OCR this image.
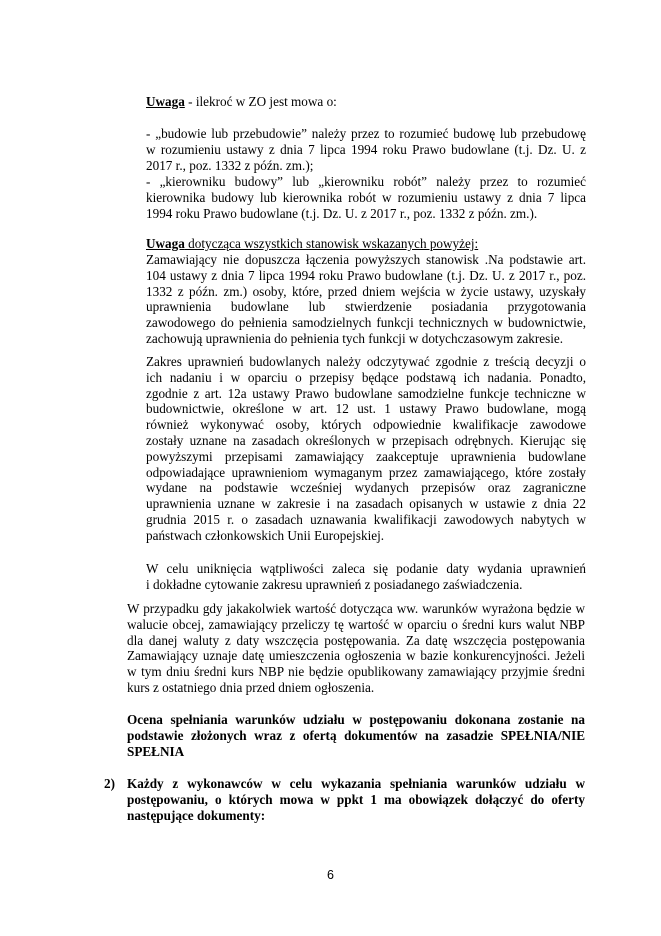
Uwaga - ilekroć w ZO jest mowa o:

- „budowie lub przebudowie” należy przez to rozumieć budowę lub przebudowę
w rozumieniu ustawy z dnia 7 lipca 1994 roku Prawo budowlane (t.j. Dz. U. z
2017 r., poz. 1332 z późn. zm.);
- „kierowniku budowy” lub „kierowniku robót” należy przez to rozumieć
kierownika budowy lub kierownika robót w rozumieniu ustawy z dnia 7 lipca
1994 roku Prawo budowlane (t.j. Dz. U. z 2017 r., poz. 1332 z późn. zm.).

Uwaga dotycząca wszystkich stanowisk wskazanych powyżej:

Zamawiający nie dopuszcza łączenia powyższych stanowisk .Na podstawie art.
104 ustawy z dnia 7 lipca 1994 roku Prawo budowlane (t.j. Dz. U. z 2017 r., poz.
1332 z późn. zm.) osoby, które, przed dniem wejścia w życie ustawy, uzyskały
uprawnienia budowlane lub stwierdzenie posiadania przygotowania
zawodowego do pełnienia samodzielnych funkcji technicznych w budownictwie,
zachowują uprawnienia do pełnienia tych funkcji w dotychczasowym zakresie.
Zakres uprawnień budowlanych należy odczytywać zgodnie z treścią decyzji o
ich nadaniu i w oparciu o przepisy będące podstawą ich nadania. Ponadto,
zgodnie z art. 12a ustawy Prawo budowlane samodzielne funkcje techniczne w
budownictwie, określone w art. 12 ust. 1 ustawy Prawo budowlane, mogą
również wykonywać osoby, których odpowiednie kwalifikacje zawodowe
zostały uznane na zasadach określonych w przepisach odrębnych. Kierując się
powyższymi przepisami zamawiający zaakceptuje uprawnienia budowlane
odpowiadające uprawnieniom wymaganym przez zamawiającego, które zostały
wydane na podstawie wcześniej wydanych przepisów oraz zagraniczne
uprawnienia uznane w zakresie i na zasadach opisanych w ustawie z dnia 22
grudnia 2015 r. o zasadach uznawania kwalifikacji zawodowych nabytych w
państwach członkowskich Unii Europejskiej.
W celu uniknięcia wątpliwości zaleca się podanie daty wydania uprawnień
i dokładne cytowanie zakresu uprawnień z posiadanego zaświadczenia.
W przypadku gdy jakakolwiek wartość dotycząca ww. warunków wyrażona będzie w
walucie obcej, zamawiający przeliczy tę wartość w oparciu o średni kurs walut NBP
dla danej waluty z daty wszczęcia postępowania. Za datę wszczęcia postępowania
Zamawiający uznaje datę umieszczenia ogłoszenia w bazie konkurencyjności. Jeżeli
w tym dniu średni kurs NBP nie będzie opublikowany zamawiający przyjmie średni
kurs z ostatniego dnia przed dniem ogłoszenia.
Ocena spełniania warunków udziału w postępowaniu dokonana zostanie na
podstawie złożonych wraz z ofertą dokumentów na zasadzie SPEŁNIA/NIE
SPEŁNIA
2) Każdy z wykonawców w celu wykazania spełniania warunków udziału w
postępowaniu, o których mowa w ppkt 1 ma obowiązek dołączyć do oferty
następujące dokumenty:
6
